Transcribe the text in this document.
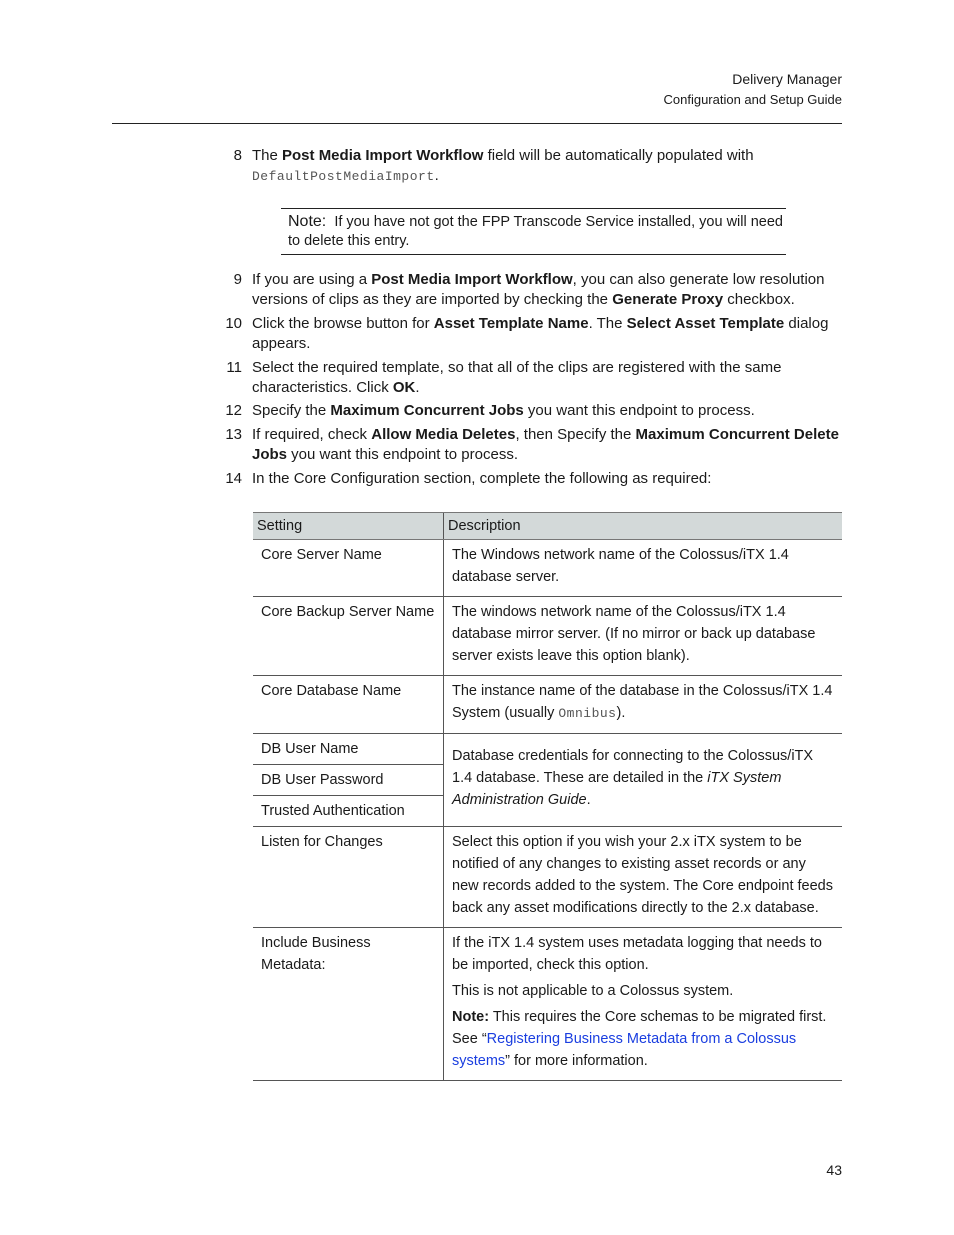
Delivery Manager
Configuration and Setup Guide
Note: If you have not got the FPP Transcode Service installed, you will need to delete this entry.
8 The Post Media Import Workflow field will be automatically populated with
DefaultPostMediaImport.
9 If you are using a Post Media Import Workflow, you can also generate low resolution versions of clips as they are imported by checking the Generate Proxy checkbox.
10 Click the browse button for Asset Template Name. The Select Asset Template dialog appears.
11 Select the required template, so that all of the clips are registered with the same characteristics. Click OK.
12 Specify the Maximum Concurrent Jobs you want this endpoint to process.
13 If required, check Allow Media Deletes, then Specify the Maximum Concurrent Delete Jobs you want this endpoint to process.
14 In the Core Configuration section, complete the following as required:
Setting	Description
Core Server Name	The Windows network name of the Colossus/iTX 1.4 database server.

Core Backup Server Name	The windows network name of the Colossus/iTX 1.4 database mirror server. (If no mirror or back up database server exists leave this option blank).

Core Database Name	The instance name of the database in the Colossus/iTX 1.4 System (usually Omnibus).

DB User Name	Database credentials for connecting to the Colossus/iTX 1.4 database. These are detailed in the iTX System Administration Guide.

DB User Password	
Trusted Authentication	
Listen for Changes	Select this option if you wish your 2.x iTX system to be notified of any changes to existing asset records or any new records added to the system. The Core endpoint feeds back any asset modifications directly to the 2.x database.

Include Business Metadata:	If the iTX 1.4 system uses metadata logging that needs to be imported, check this option.

This is not applicable to a Colossus system.

Note: This requires the Core schemas to be migrated first. See “Registering Business Metadata from a Colossus systems” for more information.

43
